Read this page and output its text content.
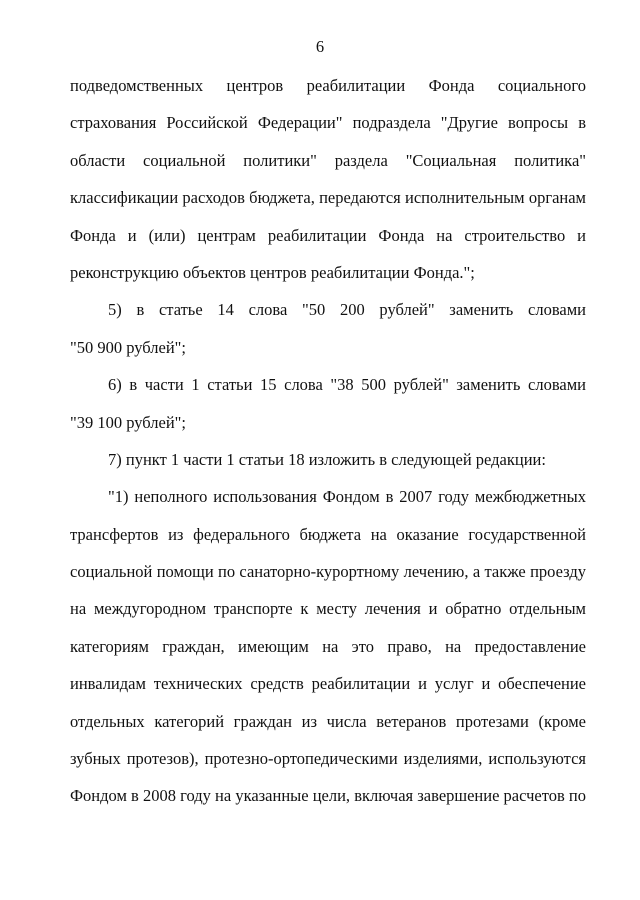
6
подведомственных центров реабилитации Фонда социального
страхования Российской Федерации" подраздела "Другие вопросы в
области социальной политики" раздела "Социальная политика"
классификации расходов бюджета, передаются исполнительным органам
Фонда и (или) центрам реабилитации Фонда на строительство и
реконструкцию объектов центров реабилитации Фонда.";
5) в статье 14 слова "50 200 рублей" заменить словами
"50 900 рублей";
6) в части 1 статьи 15 слова "38 500 рублей" заменить словами
"39 100 рублей";
7) пункт 1 части 1 статьи 18 изложить в следующей редакции:
"1) неполного использования Фондом в 2007 году межбюджетных
трансфертов из федерального бюджета на оказание государственной
социальной помощи по санаторно-курортному лечению, а также проезду
на междугородном транспорте к месту лечения и обратно отдельным
категориям граждан, имеющим на это право, на предоставление
инвалидам технических средств реабилитации и услуг и обеспечение
отдельных категорий граждан из числа ветеранов протезами (кроме
зубных протезов), протезно-ортопедическими изделиями, используются
Фондом в 2008 году на указанные цели, включая завершение расчетов по
